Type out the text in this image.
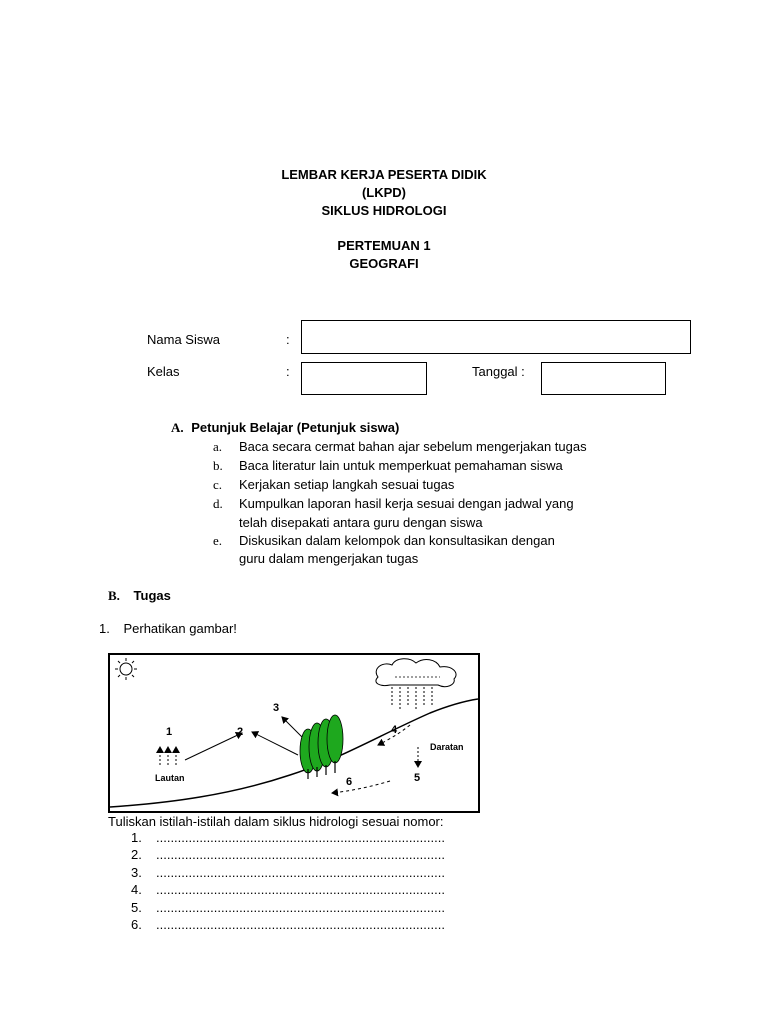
LEMBAR KERJA PESERTA DIDIK
(LKPD)
SIKLUS HIDROLOGI
PERTEMUAN 1
GEOGRAFI
Nama Siswa	:
Kelas	:	Tanggal :
A. Petunjuk Belajar (Petunjuk siswa)
a. Baca secara cermat bahan ajar sebelum mengerjakan tugas
b. Baca literatur lain untuk memperkuat pemahaman siswa
c. Kerjakan setiap langkah sesuai tugas
d. Kumpulkan laporan hasil kerja sesuai dengan jadwal yang
telah disepakati antara guru dengan siswa
e. Diskusikan dalam kelompok dan konsultasikan dengan
guru dalam mengerjakan tugas
B. Tugas
1. Perhatikan gambar!
1	2
3
4
5
6
Lautan
Daratan
Tuliskan istilah-istilah dalam siklus hidrologi sesuai nomor:
1. ................................................................................
2. ................................................................................
3. ................................................................................
4. ................................................................................
5. ................................................................................
6. ................................................................................
